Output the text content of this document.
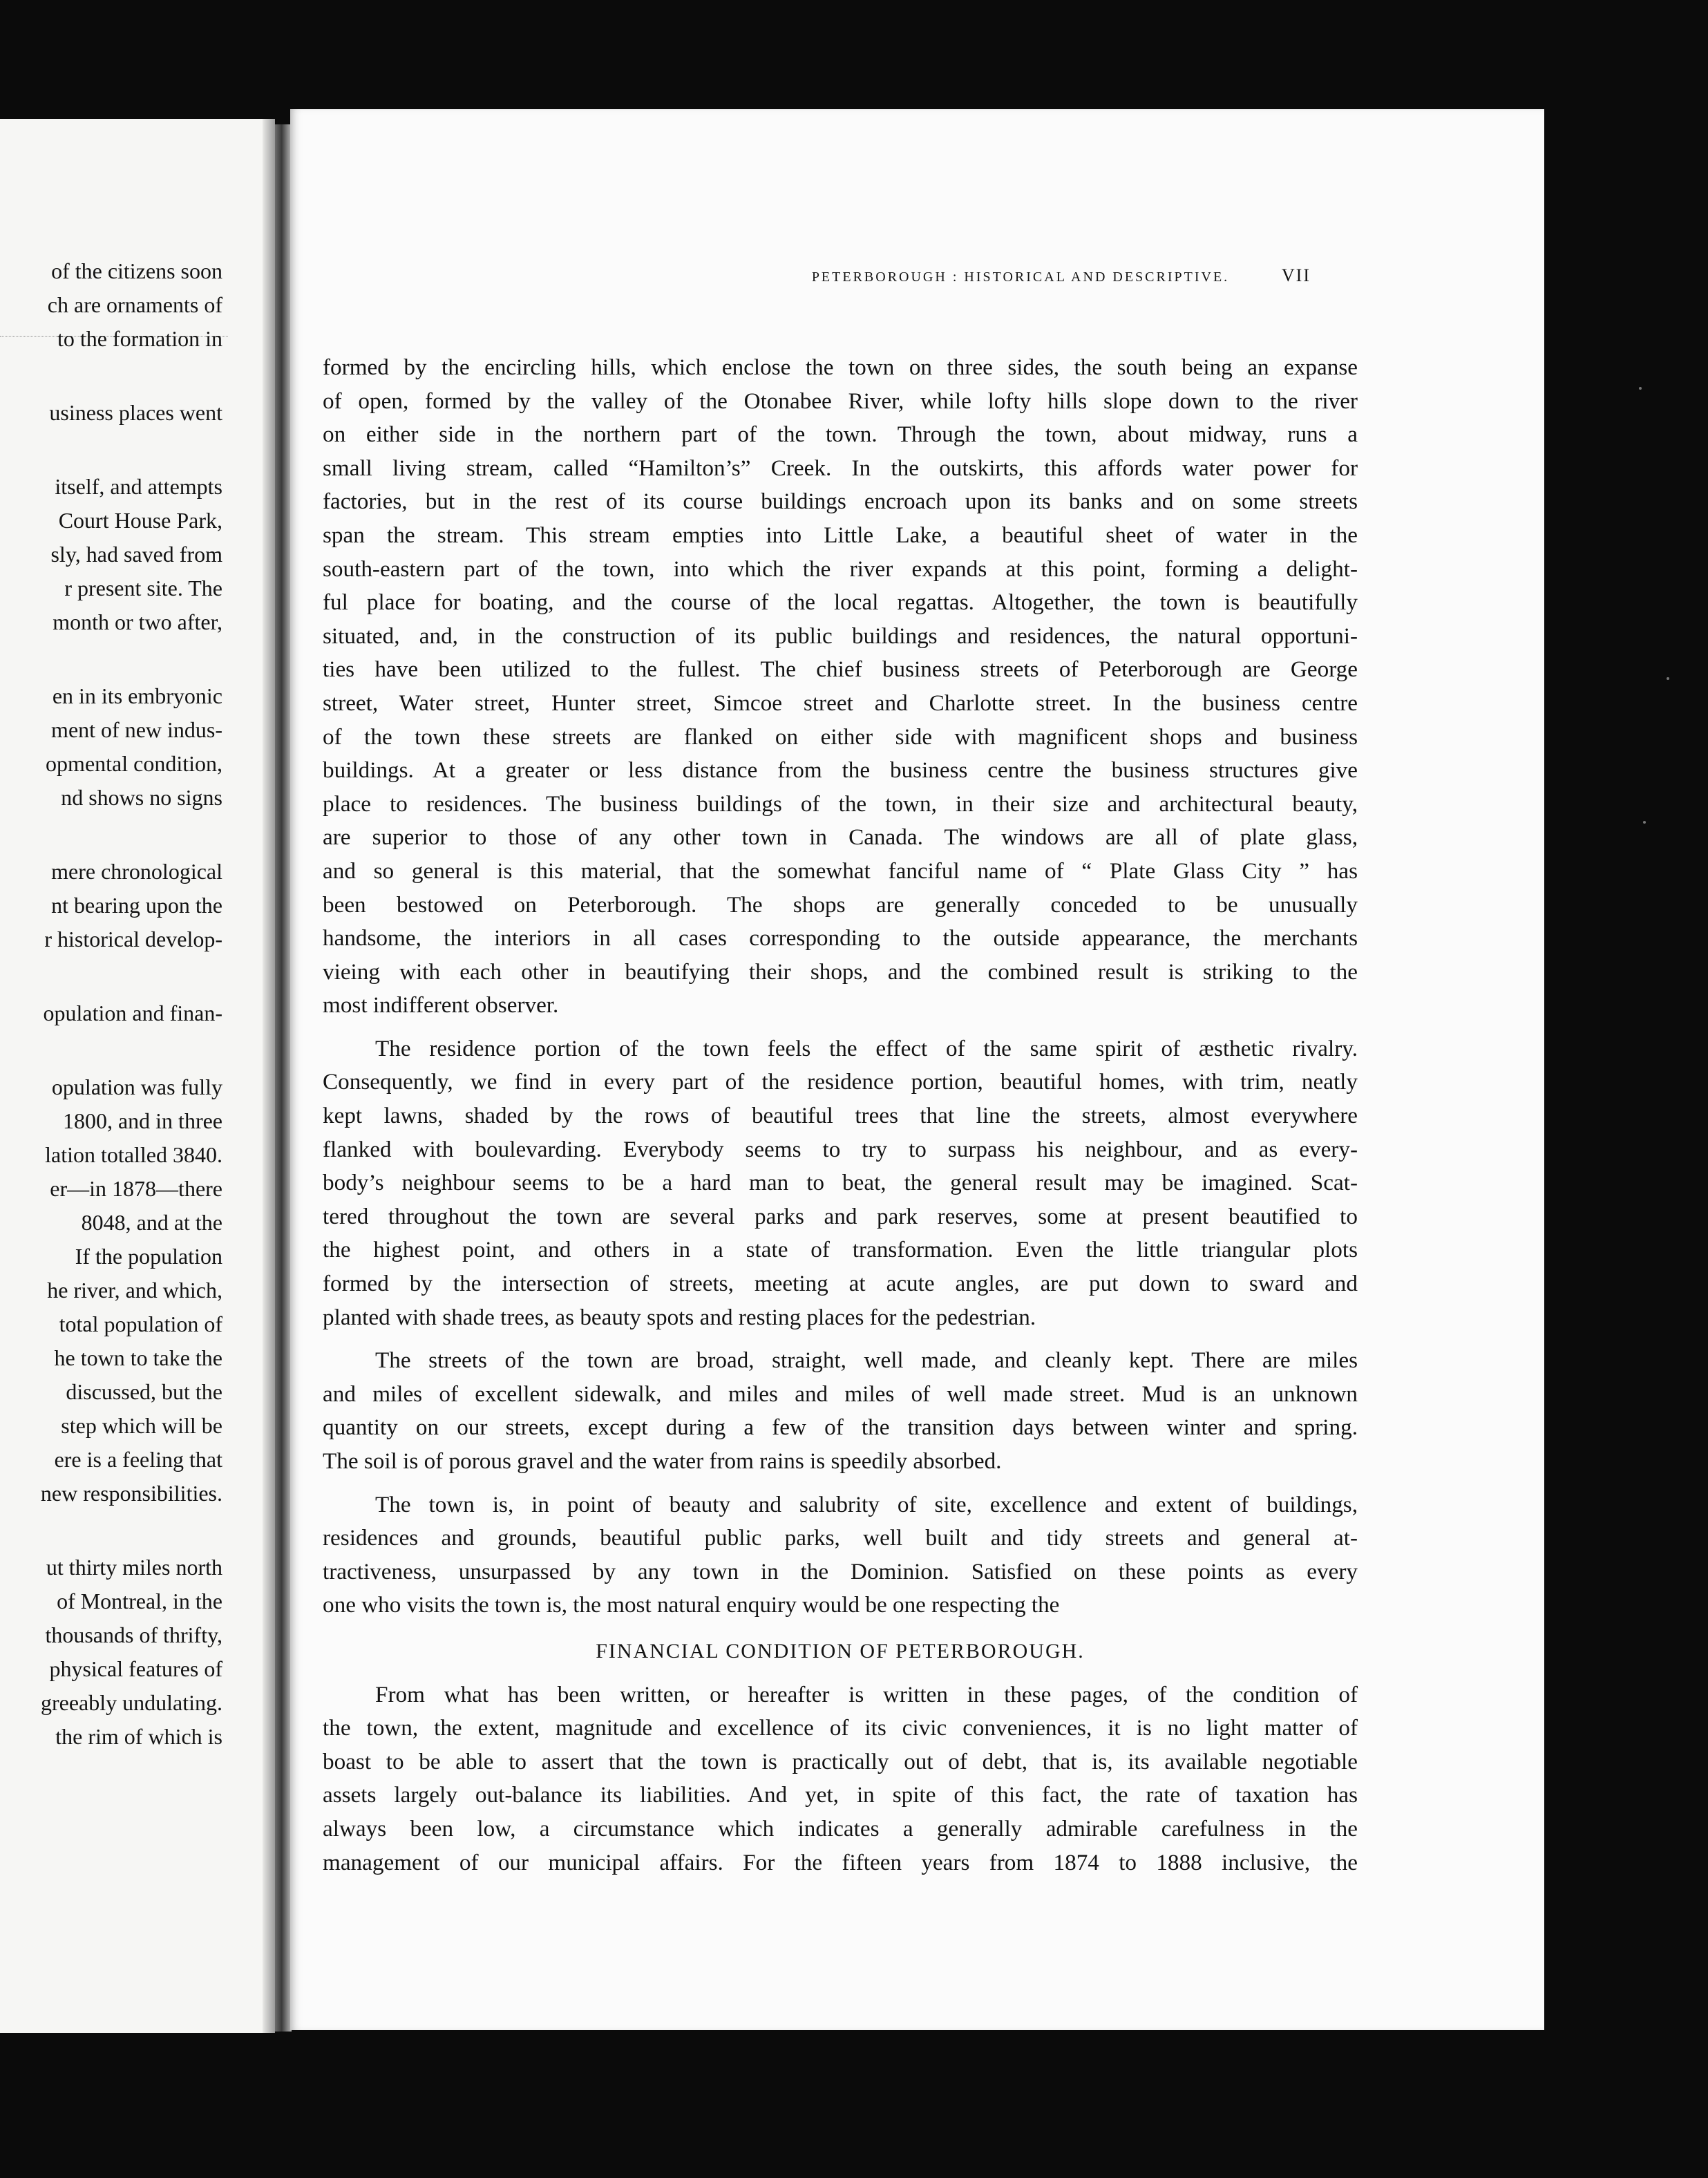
of the citizens soon
ch are ornaments of
to the formation in
usiness places went
itself, and attempts
Court House Park,
sly, had saved from
r present site. The
month or two after,
en in its embryonic
ment of new indus-
opmental condition,
nd shows no signs
mere chronological
nt bearing upon the
r historical develop-
opulation and finan-
opulation was fully
1800, and in three
lation totalled 3840.
er—in 1878—there
8048, and at the
If the population
he river, and which,
total population of
he town to take the
discussed, but the
step which will be
ere is a feeling that
new responsibilities.
ut thirty miles north
of Montreal, in the
thousands of thrifty,
physical features of
greeably undulating.
the rim of which is
PETERBOROUGH : HISTORICAL AND DESCRIPTIVE.	VII
formed by the encircling hills, which enclose the town on three sides, the south being an expanse
of open, formed by the valley of the Otonabee River, while lofty hills slope down to the river
on either side in the northern part of the town. Through the town, about midway, runs a
small living stream, called “Hamilton’s” Creek. In the outskirts, this affords water power for
factories, but in the rest of its course buildings encroach upon its banks and on some streets
span the stream. This stream empties into Little Lake, a beautiful sheet of water in the
south-eastern part of the town, into which the river expands at this point, forming a delight-
ful place for boating, and the course of the local regattas. Altogether, the town is beautifully
situated, and, in the construction of its public buildings and residences, the natural opportuni-
ties have been utilized to the fullest. The chief business streets of Peterborough are George
street, Water street, Hunter street, Simcoe street and Charlotte street. In the business centre
of the town these streets are flanked on either side with magnificent shops and business
buildings. At a greater or less distance from the business centre the business structures give
place to residences. The business buildings of the town, in their size and architectural beauty,
are superior to those of any other town in Canada. The windows are all of plate glass,
and so general is this material, that the somewhat fanciful name of “ Plate Glass City ” has
been bestowed on Peterborough. The shops are generally conceded to be unusually
handsome, the interiors in all cases corresponding to the outside appearance, the merchants
vieing with each other in beautifying their shops, and the combined result is striking to the
most indifferent observer.
The residence portion of the town feels the effect of the same spirit of æsthetic rivalry.
Consequently, we find in every part of the residence portion, beautiful homes, with trim, neatly
kept lawns, shaded by the rows of beautiful trees that line the streets, almost everywhere
flanked with boulevarding. Everybody seems to try to surpass his neighbour, and as every-
body’s neighbour seems to be a hard man to beat, the general result may be imagined. Scat-
tered throughout the town are several parks and park reserves, some at present beautified to
the highest point, and others in a state of transformation. Even the little triangular plots
formed by the intersection of streets, meeting at acute angles, are put down to sward and
planted with shade trees, as beauty spots and resting places for the pedestrian.
The streets of the town are broad, straight, well made, and cleanly kept. There are miles
and miles of excellent sidewalk, and miles and miles of well made street. Mud is an unknown
quantity on our streets, except during a few of the transition days between winter and spring.
The soil is of porous gravel and the water from rains is speedily absorbed.
The town is, in point of beauty and salubrity of site, excellence and extent of buildings,
residences and grounds, beautiful public parks, well built and tidy streets and general at-
tractiveness, unsurpassed by any town in the Dominion. Satisfied on these points as every
one who visits the town is, the most natural enquiry would be one respecting the
FINANCIAL CONDITION OF PETERBOROUGH.
From what has been written, or hereafter is written in these pages, of the condition of
the town, the extent, magnitude and excellence of its civic conveniences, it is no light matter of
boast to be able to assert that the town is practically out of debt, that is, its available negotiable
assets largely out-balance its liabilities. And yet, in spite of this fact, the rate of taxation has
always been low, a circumstance which indicates a generally admirable carefulness in the
management of our municipal affairs. For the fifteen years from 1874 to 1888 inclusive, the
